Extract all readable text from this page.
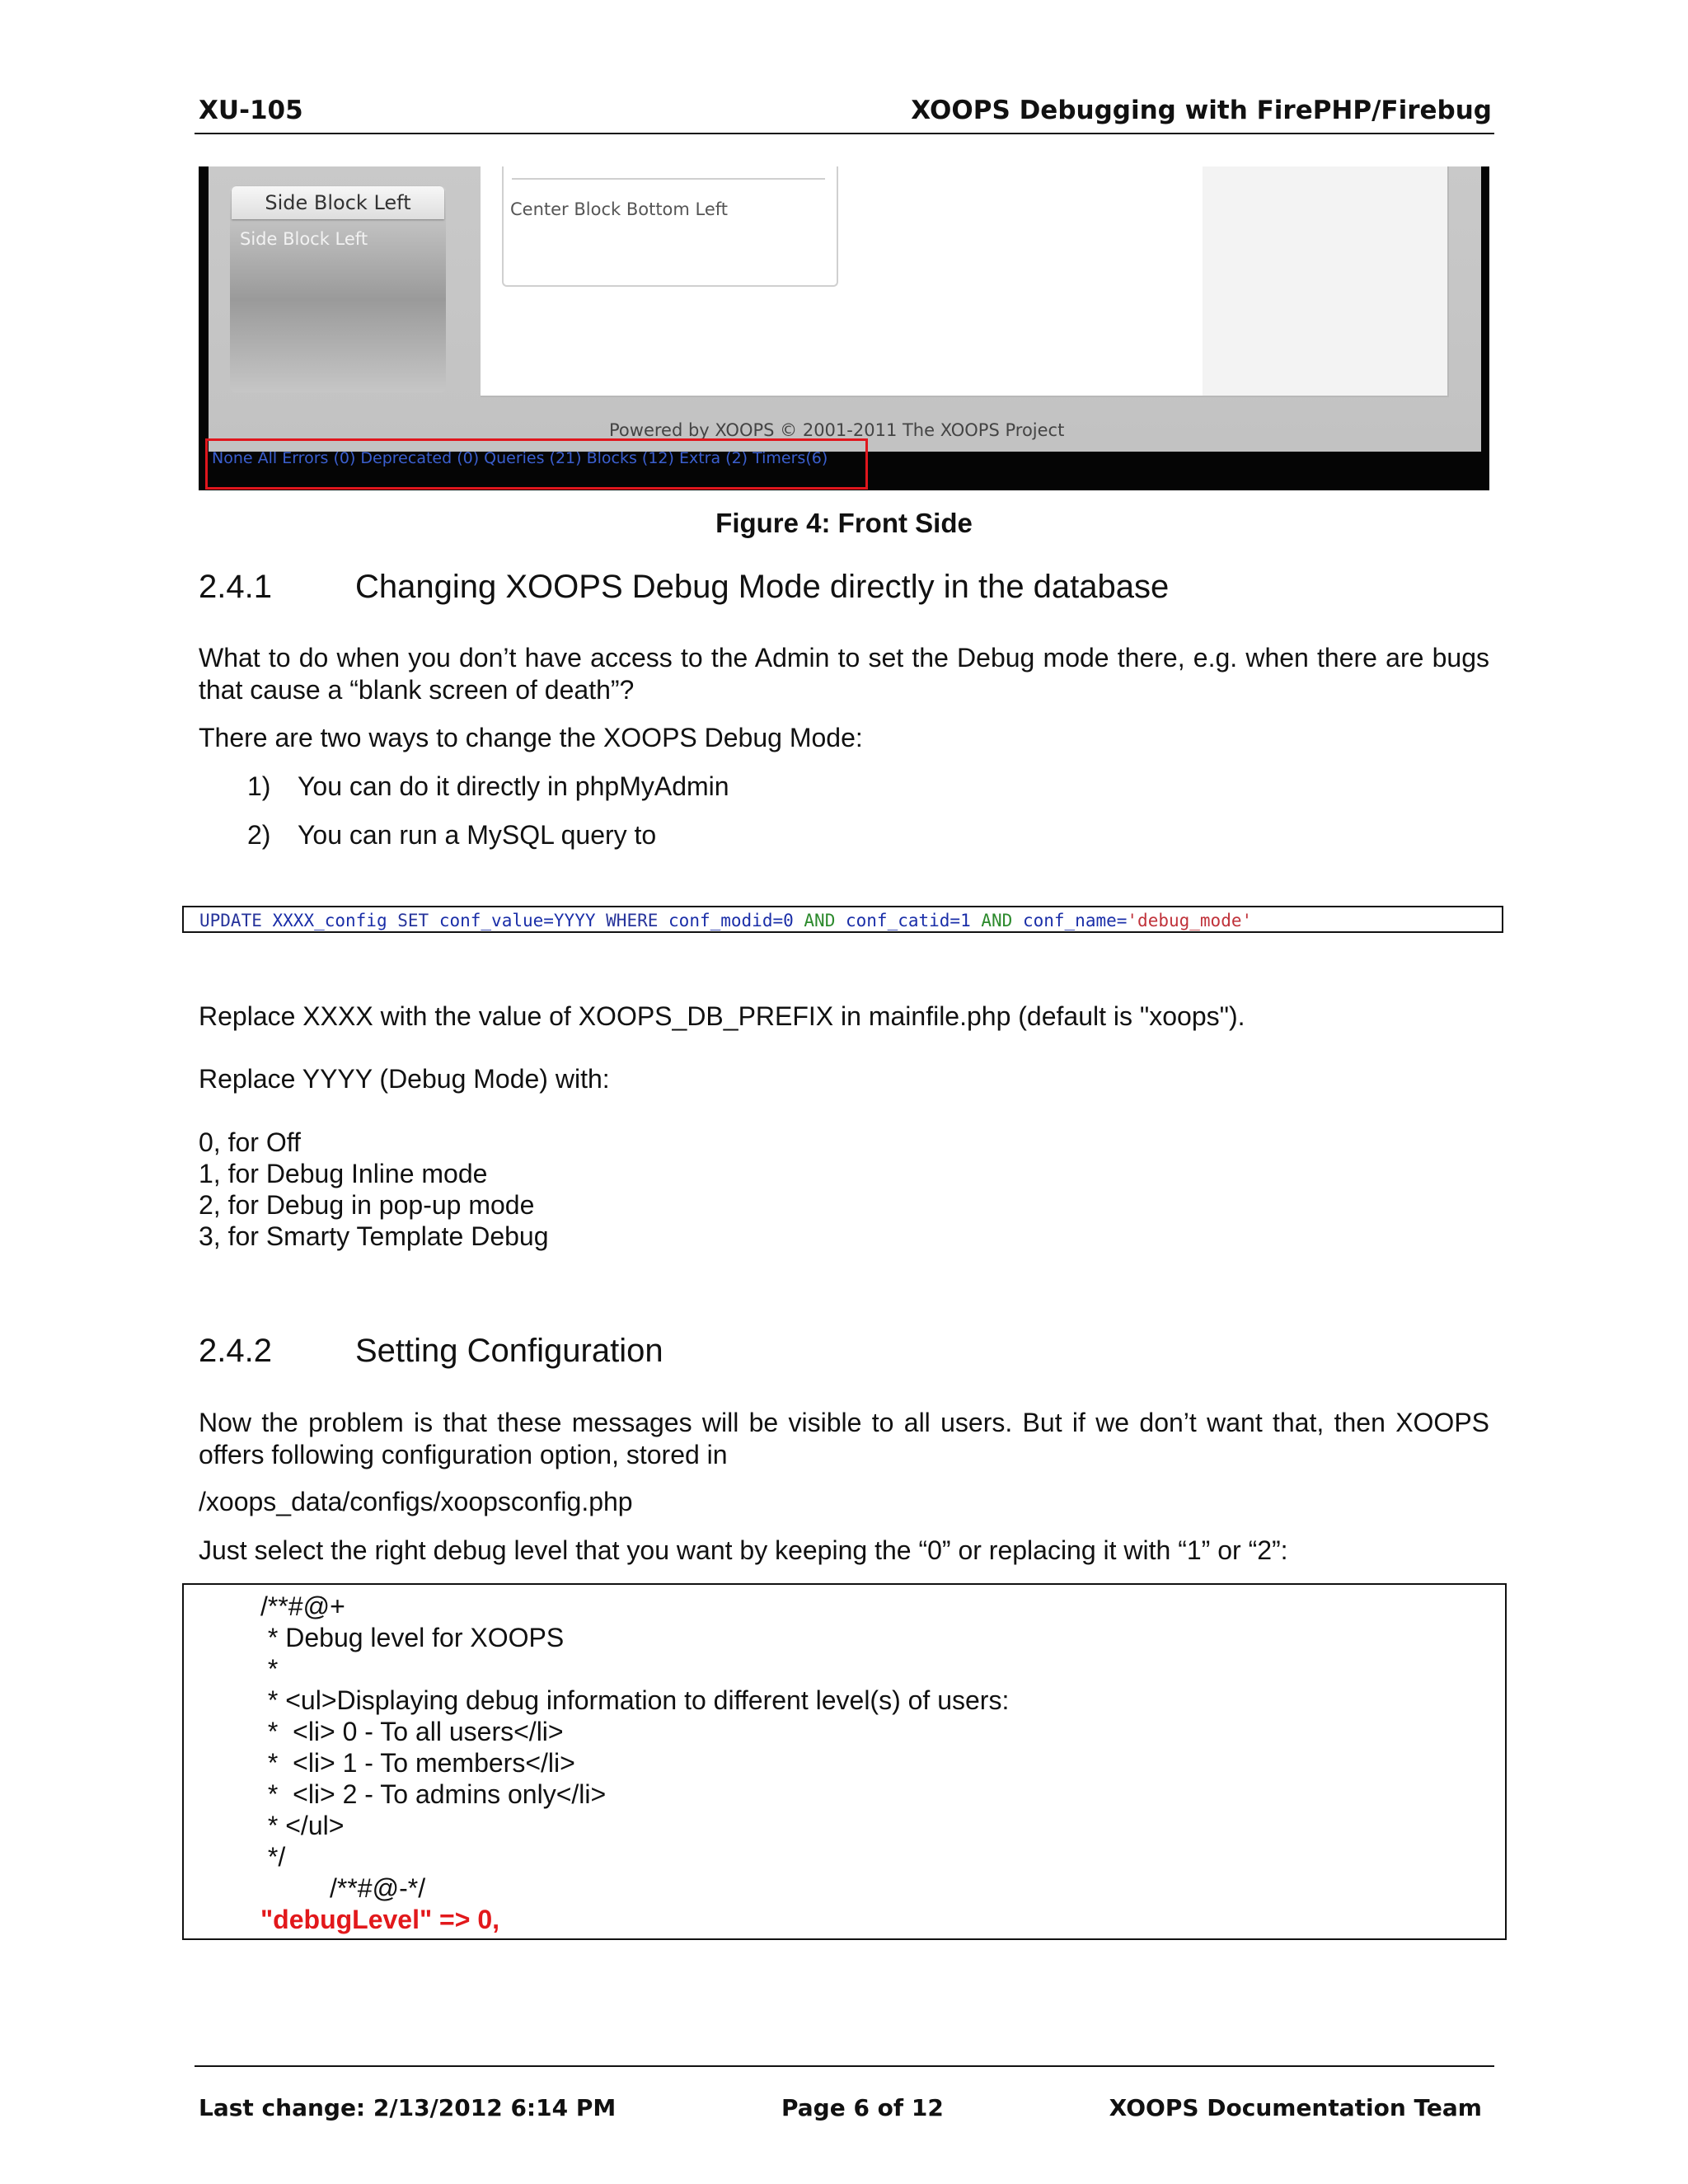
XU-105	XOOPS Debugging with FirePHP/Firebug
Side Block Left
Side Block Left
Center Block Bottom Left
Powered by XOOPS © 2001-2011 The XOOPS Project
None All Errors (0) Deprecated (0) Queries (21) Blocks (12) Extra (2) Timers(6)
Figure 4: Front Side
2.4.1	Changing XOOPS Debug Mode directly in the database
What to do when you don’t have access to the Admin to set the Debug mode there, e.g. when there are bugs that cause a “blank screen of death”?
There are two ways to change the XOOPS Debug Mode:
1) You can do it directly in phpMyAdmin
2) You can run a MySQL query to
UPDATE XXXX_config SET conf_value=YYYY WHERE conf_modid=0 AND conf_catid=1 AND conf_name='debug_mode'
Replace XXXX with the value of XOOPS_DB_PREFIX in mainfile.php (default is "xoops").
Replace YYYY (Debug Mode) with:
0, for Off
1, for Debug Inline mode
2, for Debug in pop-up mode
3, for Smarty Template Debug
2.4.2	Setting Configuration
Now the problem is that these messages will be visible to all users. But if we don’t want that, then XOOPS offers following configuration option, stored in
/xoops_data/configs/xoopsconfig.php
Just select the right debug level that you want by keeping the “0” or replacing it with “1” or “2”:
/**#@+
* Debug level for XOOPS
*
* <ul>Displaying debug information to different level(s) of users:
*  <li> 0 - To all users</li>
*  <li> 1 - To members</li>
*  <li> 2 - To admins only</li>
* </ul>
*/
/**#@-*/
"debugLevel" => 0,
Last change: 2/13/2012 6:14 PM	Page 6 of 12	XOOPS Documentation Team
